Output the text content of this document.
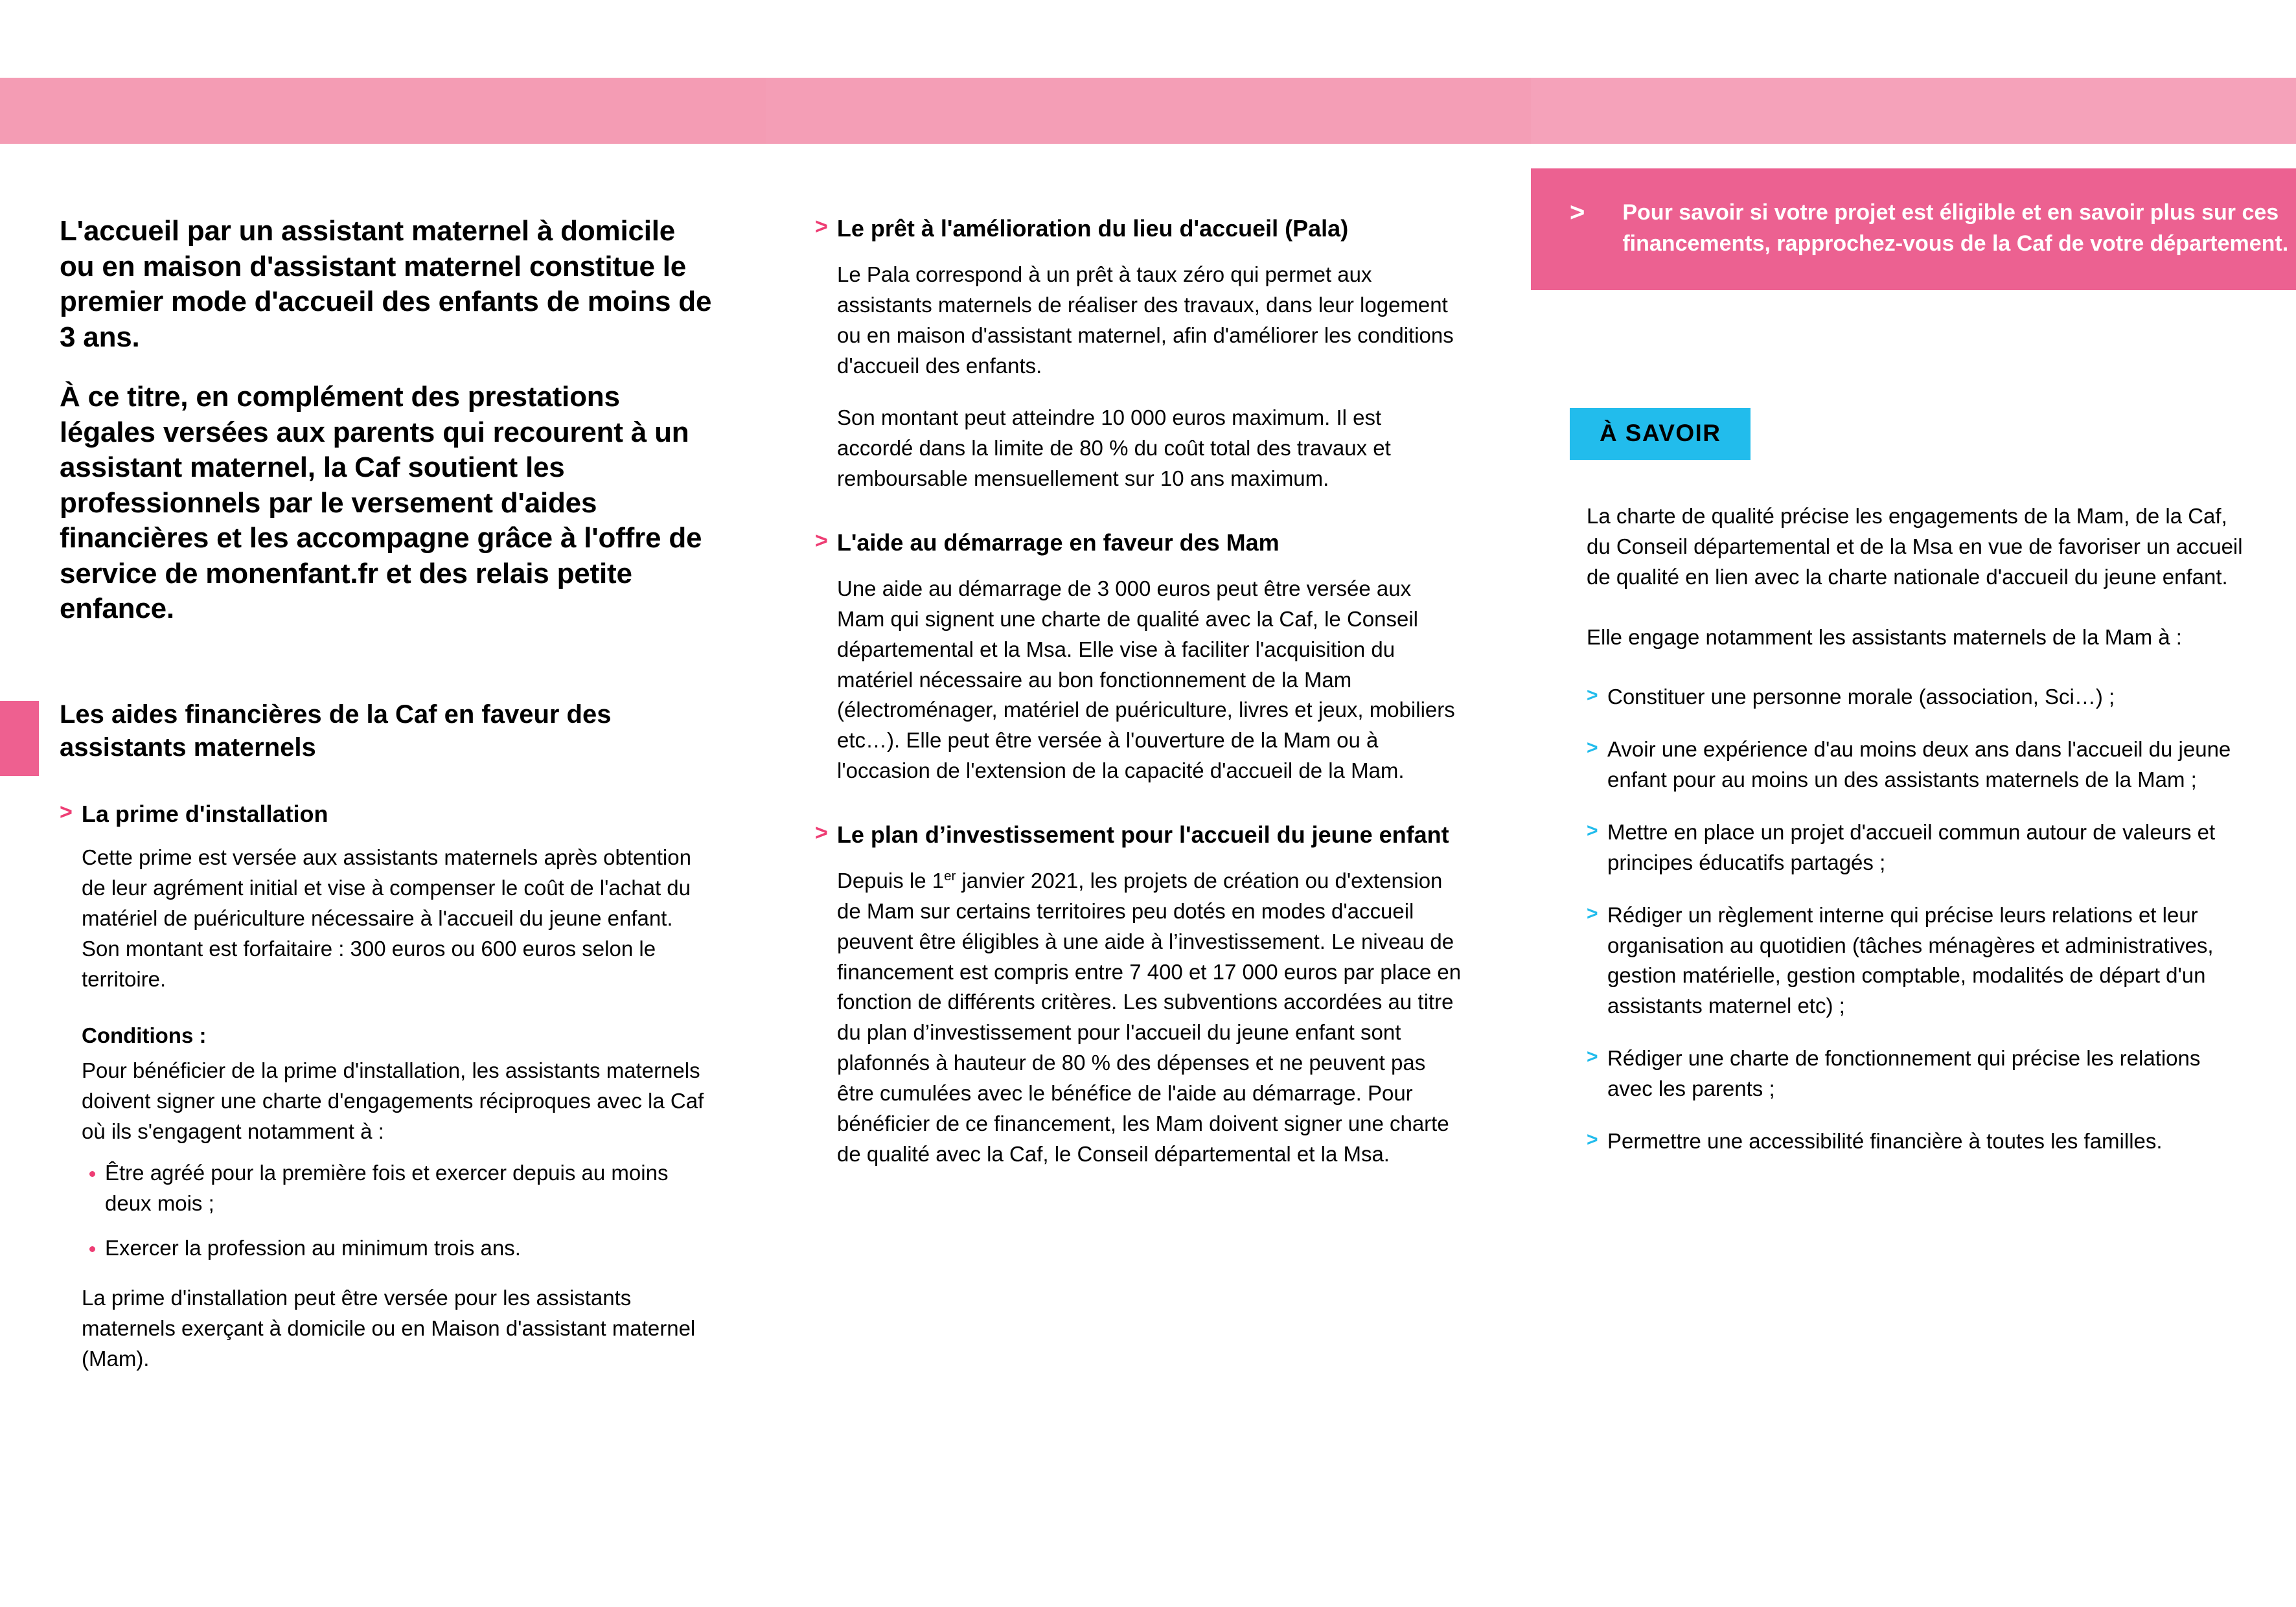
L'accueil par un assistant maternel à domicile ou en maison d'assistant maternel constitue le premier mode d'accueil des enfants de moins de 3 ans.

À ce titre, en complément des prestations légales versées aux parents qui recourent à un assistant maternel, la Caf soutient les professionnels par le versement d'aides financières et les accompagne grâce à l'offre de service de monenfant.fr et des relais petite enfance.

Les aides financières de la Caf en faveur des assistants maternels
> La prime d'installation

Cette prime est versée aux assistants maternels après obtention de leur agrément initial et vise à compenser le coût de l'achat du matériel de puériculture nécessaire à l'accueil du jeune enfant. Son montant est forfaitaire : 300 euros ou 600 euros selon le territoire.

Conditions :

Pour bénéficier de la prime d'installation, les assistants maternels doivent signer une charte d'engagements réciproques avec la Caf où ils s'engagent notamment à :

Être agréé pour la première fois et exercer depuis au moins deux mois ;
Exercer la profession au minimum trois ans.

La prime d'installation peut être versée pour les assistants maternels exerçant à domicile ou en Maison d'assistant maternel (Mam).

> Le prêt à l'amélioration du lieu d'accueil (Pala)

Le Pala correspond à un prêt à taux zéro qui permet aux assistants maternels de réaliser des travaux, dans leur logement ou en maison d'assistant maternel, afin d'améliorer les conditions d'accueil des enfants.

Son montant peut atteindre 10 000 euros maximum. Il est accordé dans la limite de 80 % du coût total des travaux et remboursable mensuellement sur 10 ans maximum.

> L'aide au démarrage en faveur des Mam

Une aide au démarrage de 3 000 euros peut être versée aux Mam qui signent une charte de qualité avec la Caf, le Conseil départemental et la Msa. Elle vise à faciliter l'acquisition du matériel nécessaire au bon fonctionnement de la Mam (électroménager, matériel de puériculture, livres et jeux, mobiliers etc…). Elle peut être versée à l'ouverture de la Mam ou à l'occasion de l'extension de la capacité d'accueil de la Mam.

> Le plan d’investissement pour l'accueil du jeune enfant

Depuis le 1er janvier 2021, les projets de création ou d'extension de Mam sur certains territoires peu dotés en modes d'accueil peuvent être éligibles à une aide à l’investissement. Le niveau de financement est compris entre 7 400 et 17 000 euros par place en fonction de différents critères. Les subventions accordées au titre du plan d’investissement pour l'accueil du jeune enfant sont plafonnés à hauteur de 80 % des dépenses et ne peuvent pas être cumulées avec le bénéfice de l'aide au démarrage. Pour bénéficier de ce financement, les Mam doivent signer une charte de qualité avec la Caf, le Conseil départemental et la Msa.

> Pour savoir si votre projet est éligible et en savoir plus sur ces financements, rapprochez-vous de la Caf de votre département.
À SAVOIR

La charte de qualité précise les engagements de la Mam, de la Caf, du Conseil départemental et de la Msa en vue de favoriser un accueil de qualité en lien avec la charte nationale d'accueil du jeune enfant.

Elle engage notamment les assistants maternels de la Mam à :

> Constituer une personne morale (association, Sci…) ;
> Avoir une expérience d'au moins deux ans dans l'accueil du jeune enfant pour au moins un des assistants maternels de la Mam ;
> Mettre en place un projet d'accueil commun autour de valeurs et principes éducatifs partagés ;
> Rédiger un règlement interne qui précise leurs relations et leur organisation au quotidien (tâches ménagères et administratives, gestion matérielle, gestion comptable, modalités de départ d'un assistants maternel etc) ;
> Rédiger une charte de fonctionnement qui précise les relations avec les parents ;
> Permettre une accessibilité financière à toutes les familles.
